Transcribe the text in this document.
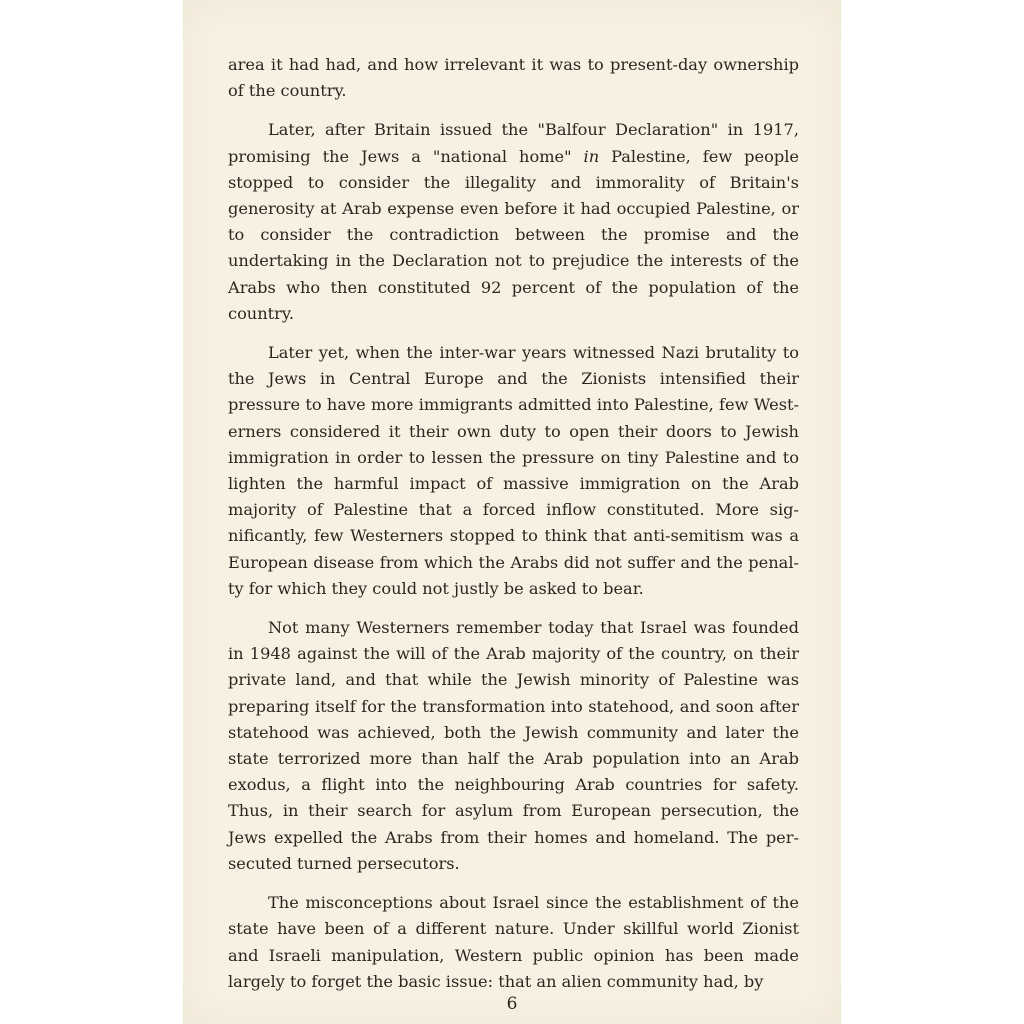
area it had had, and how irrelevant it was to present-day ownership of the country.

Later, after Britain issued the "Balfour Declaration" in 1917, promising the Jews a "national home" in Palestine, few people stopped to consider the illegality and immorality of Britain's generosity at Arab expense even before it had occupied Palestine, or to consider the contradiction between the promise and the undertaking in the Declaration not to prejudice the interests of the Arabs who then constituted 92 percent of the population of the country.

Later yet, when the inter-war years witnessed Nazi brutality to the Jews in Central Europe and the Zionists intensified their pressure to have more immigrants admitted into Palestine, few Westerners considered it their own duty to open their doors to Jewish immigration in order to lessen the pressure on tiny Palestine and to lighten the harmful impact of massive immigration on the Arab majority of Palestine that a forced inflow constituted. More significantly, few Westerners stopped to think that anti-semitism was a European disease from which the Arabs did not suffer and the penalty for which they could not justly be asked to bear.

Not many Westerners remember today that Israel was founded in 1948 against the will of the Arab majority of the country, on their private land, and that while the Jewish minority of Palestine was preparing itself for the transformation into statehood, and soon after statehood was achieved, both the Jewish community and later the state terrorized more than half the Arab population into an Arab exodus, a flight into the neighbouring Arab countries for safety. Thus, in their search for asylum from European persecution, the Jews expelled the Arabs from their homes and homeland. The persecuted turned persecutors.

The misconceptions about Israel since the establishment of the state have been of a different nature. Under skillful world Zionist and Israeli manipulation, Western public opinion has been made largely to forget the basic issue: that an alien community had, by

6
